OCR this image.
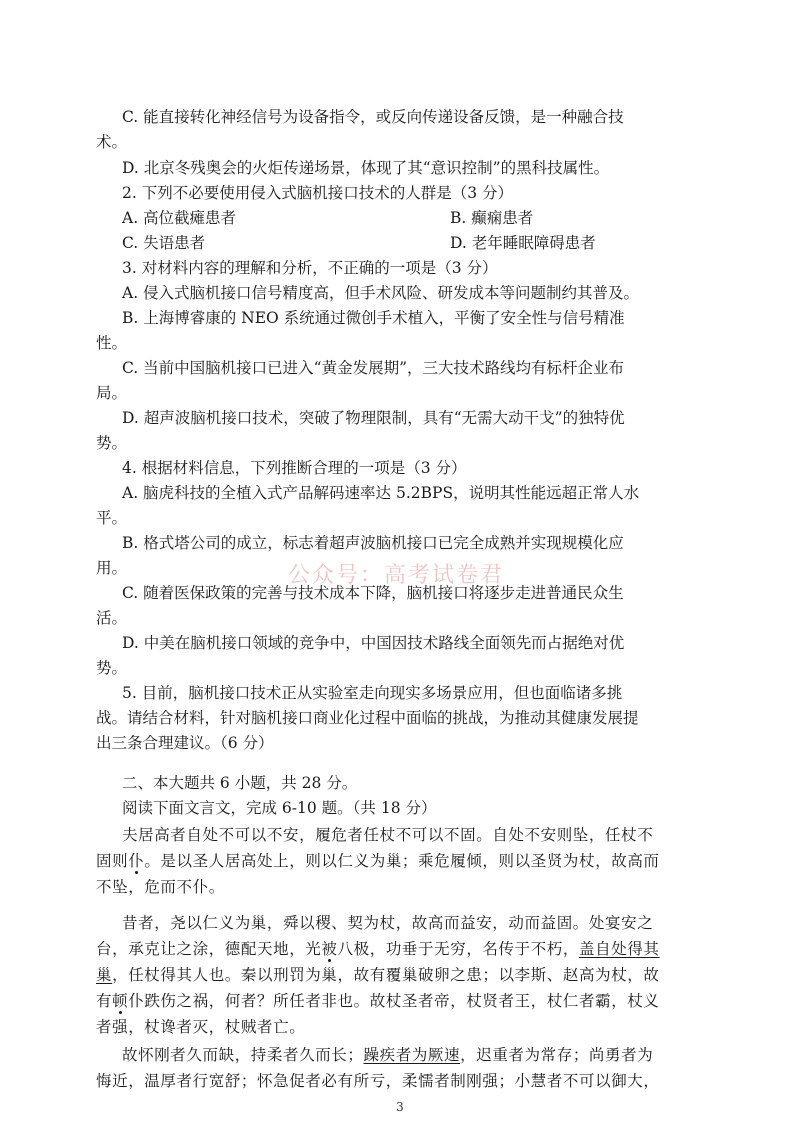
C. 能直接转化神经信号为设备指令，或反向传递设备反馈，是一种融合技
术。
D. 北京冬残奥会的火炬传递场景，体现了其“意识控制”的黑科技属性。
2. 下列不必要使用侵入式脑机接口技术的人群是（3 分）
A. 高位截瘫患者	B. 癫痫患者
C. 失语患者	D. 老年睡眠障碍患者
3. 对材料内容的理解和分析，不正确的一项是（3 分）
A. 侵入式脑机接口信号精度高，但手术风险、研发成本等问题制约其普及。
B. 上海博睿康的 NEO 系统通过微创手术植入，平衡了安全性与信号精准
性。
C. 当前中国脑机接口已进入“黄金发展期”，三大技术路线均有标杆企业布
局。
D. 超声波脑机接口技术，突破了物理限制，具有“无需大动干戈”的独特优
势。
4. 根据材料信息，下列推断合理的一项是（3 分）
A. 脑虎科技的全植入式产品解码速率达 5.2BPS，说明其性能远超正常人水
平。
B. 格式塔公司的成立，标志着超声波脑机接口已完全成熟并实现规模化应
用。
C. 随着医保政策的完善与技术成本下降，脑机接口将逐步走进普通民众生
活。
D. 中美在脑机接口领域的竞争中，中国因技术路线全面领先而占据绝对优
势。
5. 目前，脑机接口技术正从实验室走向现实多场景应用，但也面临诸多挑
战。请结合材料，针对脑机接口商业化过程中面临的挑战，为推动其健康发展提
出三条合理建议。（6 分）
二、本大题共 6 小题，共 28 分。
阅读下面文言文，完成 6-10 题。（共 18 分）
夫居高者自处不可以不安，履危者任杖不可以不固。自处不安则坠，任杖不
固则仆。是以圣人居高处上，则以仁义为巢；乘危履倾，则以圣贤为杖，故高而
不坠，危而不仆。
昔者，尧以仁义为巢，舜以稷、契为杖，故高而益安，动而益固。处宴安之
台，承克让之涂，德配天地，光被八极，功垂于无穷，名传于不朽，盖自处得其
巢，任杖得其人也。秦以刑罚为巢，故有覆巢破卵之患；以李斯、赵高为杖，故
有顿仆跌伤之祸，何者？所任者非也。故杖圣者帝，杖贤者王，杖仁者霸，杖义
者强，杖谗者灭，杖贼者亡。
故怀刚者久而缺，持柔者久而长；躁疾者为厥速，迟重者为常存；尚勇者为
公众号：高考试卷君
3
悔近，温厚者行宽舒；怀急促者必有所亏，柔懦者制刚强；小慧者不可以御大，
